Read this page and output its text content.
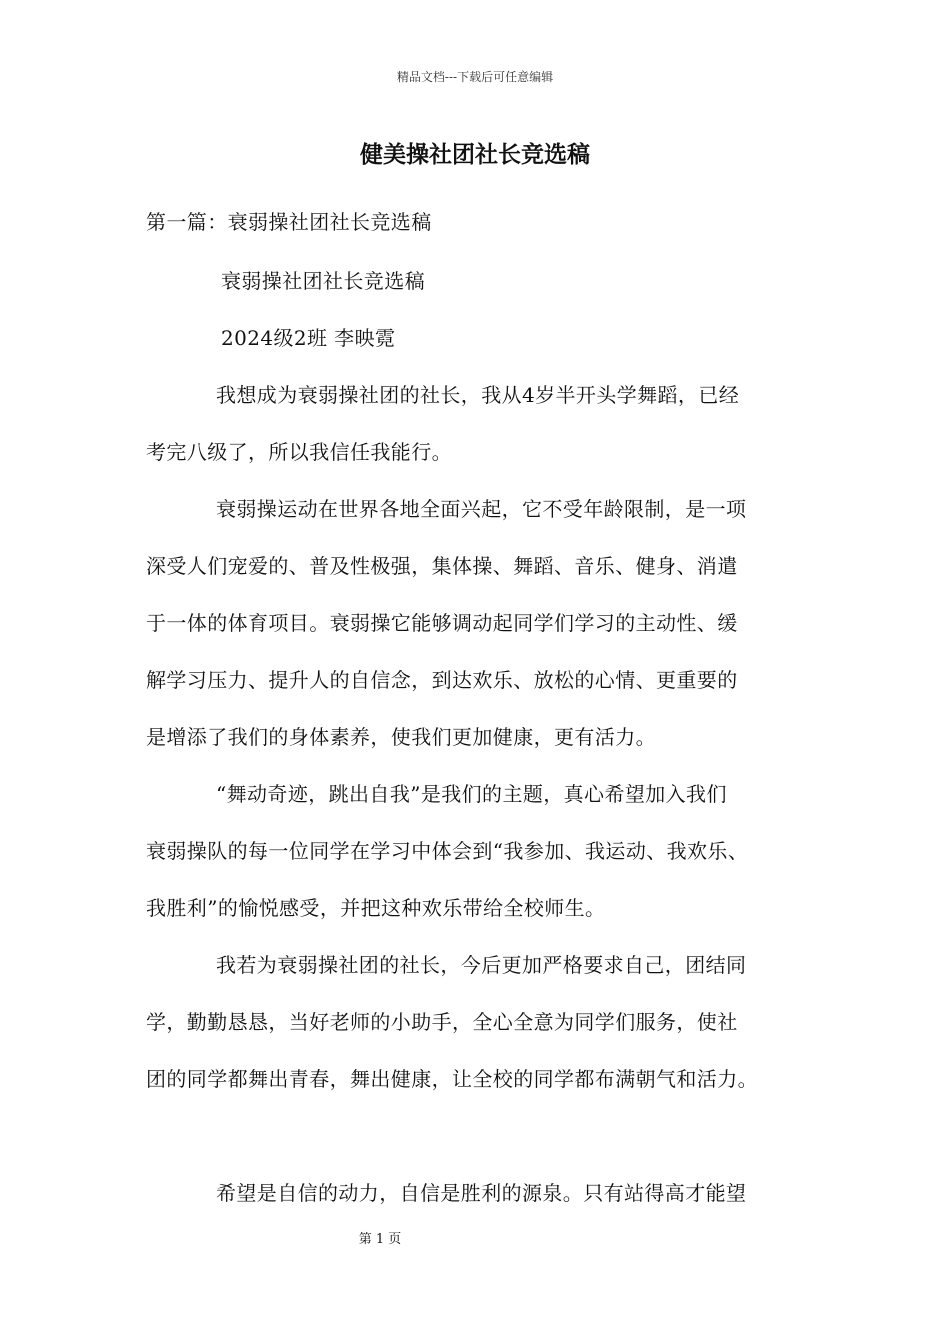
精品文档---下载后可任意编辑
健美操社团社长竞选稿
第一篇：衰弱操社团社长竞选稿
衰弱操社团社长竞选稿
2024级2班 李映霓
我想成为衰弱操社团的社长，我从4岁半开头学舞蹈，已经
考完八级了，所以我信任我能行。
衰弱操运动在世界各地全面兴起，它不受年龄限制，是一项
深受人们宠爱的、普及性极强，集体操、舞蹈、音乐、健身、消遣
于一体的体育项目。衰弱操它能够调动起同学们学习的主动性、缓
解学习压力、提升人的自信念，到达欢乐、放松的心情、更重要的
是增添了我们的身体素养，使我们更加健康，更有活力。
“舞动奇迹，跳出自我”是我们的主题，真心希望加入我们
衰弱操队的每一位同学在学习中体会到“我参加、我运动、我欢乐、
我胜利”的愉悦感受，并把这种欢乐带给全校师生。
我若为衰弱操社团的社长，今后更加严格要求自己，团结同
学，勤勤恳恳，当好老师的小助手，全心全意为同学们服务，使社
团的同学都舞出青春，舞出健康，让全校的同学都布满朝气和活力。
希望是自信的动力，自信是胜利的源泉。只有站得高才能望
第 1 页
